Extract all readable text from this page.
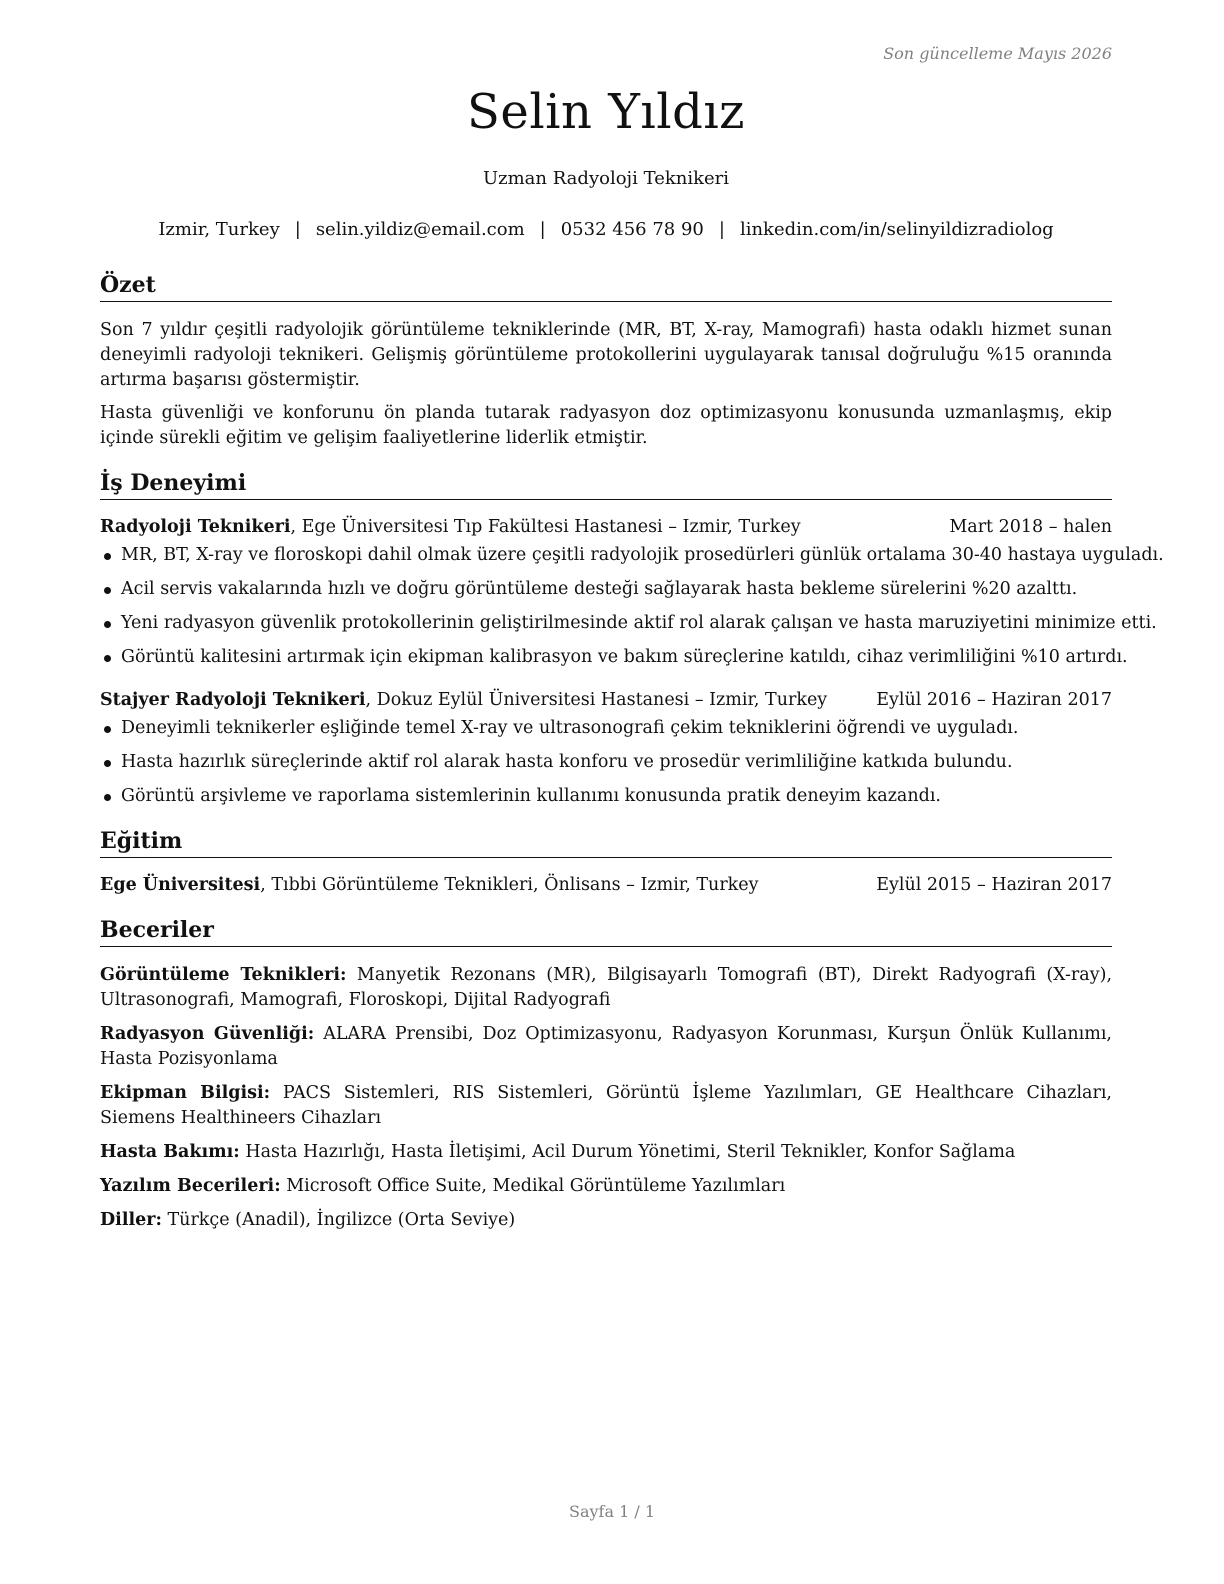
Son güncelleme Mayıs 2026
Selin Yıldız
Uzman Radyoloji Teknikeri
Izmir, Turkey | selin.yildiz@email.com | 0532 456 78 90 | linkedin.com/in/selinyildizradiolog
Özet

Son 7 yıldır çeşitli radyolojik görüntüleme tekniklerinde (MR, BT, X-ray, Mamografi) hasta odaklı hizmet sunan deneyimli radyoloji teknikeri. Gelişmiş görüntüleme protokollerini uygulayarak tanısal doğruluğu %15 oranında artırma başarısı göstermiştir.

Hasta güvenliği ve konforunu ön planda tutarak radyasyon doz optimizasyonu konusunda uzmanlaşmış, ekip içinde sürekli eğitim ve gelişim faaliyetlerine liderlik etmiştir.

İş Deneyimi
Radyoloji Teknikeri, Ege Üniversitesi Tıp Fakültesi Hastanesi – Izmir, Turkey	Mart 2018 – halen
MR, BT, X-ray ve floroskopi dahil olmak üzere çeşitli radyolojik prosedürleri günlük ortalama 30-40 hastaya uyguladı.
Acil servis vakalarında hızlı ve doğru görüntüleme desteği sağlayarak hasta bekleme sürelerini %20 azalttı.
Yeni radyasyon güvenlik protokollerinin geliştirilmesinde aktif rol alarak çalışan ve hasta maruziyetini minimize etti.
Görüntü kalitesini artırmak için ekipman kalibrasyon ve bakım süreçlerine katıldı, cihaz verimliliğini %10 artırdı.
Stajyer Radyoloji Teknikeri, Dokuz Eylül Üniversitesi Hastanesi – Izmir, Turkey	Eylül 2016 – Haziran 2017
Deneyimli teknikerler eşliğinde temel X-ray ve ultrasonografi çekim tekniklerini öğrendi ve uyguladı.
Hasta hazırlık süreçlerinde aktif rol alarak hasta konforu ve prosedür verimliliğine katkıda bulundu.
Görüntü arşivleme ve raporlama sistemlerinin kullanımı konusunda pratik deneyim kazandı.
Eğitim
Ege Üniversitesi, Tıbbi Görüntüleme Teknikleri, Önlisans – Izmir, Turkey	Eylül 2015 – Haziran 2017
Beceriler

Görüntüleme Teknikleri: Manyetik Rezonans (MR), Bilgisayarlı Tomografi (BT), Direkt Radyografi (X-ray), Ultrasonografi, Mamografi, Floroskopi, Dijital Radyografi

Radyasyon Güvenliği: ALARA Prensibi, Doz Optimizasyonu, Radyasyon Korunması, Kurşun Önlük Kullanımı, Hasta Pozisyonlama

Ekipman Bilgisi: PACS Sistemleri, RIS Sistemleri, Görüntü İşleme Yazılımları, GE Healthcare Cihazları, Siemens Healthineers Cihazları

Hasta Bakımı: Hasta Hazırlığı, Hasta İletişimi, Acil Durum Yönetimi, Steril Teknikler, Konfor Sağlama

Yazılım Becerileri: Microsoft Office Suite, Medikal Görüntüleme Yazılımları

Diller: Türkçe (Anadil), İngilizce (Orta Seviye)

Sayfa 1 / 1
